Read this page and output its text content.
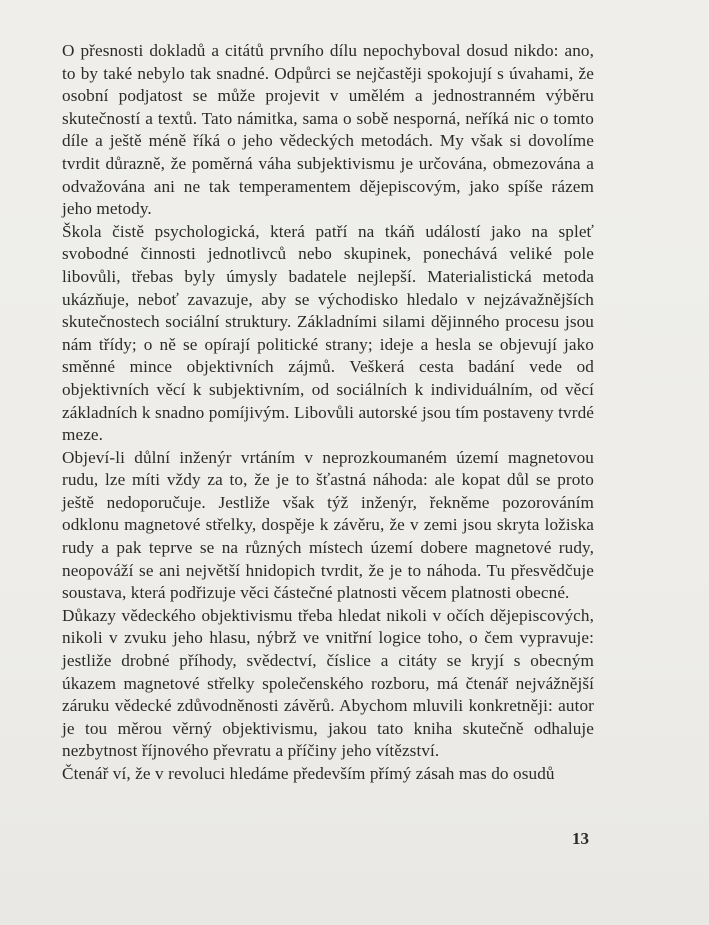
O přesnosti dokladů a citátů prvního dílu nepochyboval dosud nikdo: ano, to by také nebylo tak snadné. Odpůrci se nejčastěji spokojují s úvahami, že osobní podjatost se může projevit v umělém a jednostranném výběru skutečností a textů. Tato námitka, sama o sobě nesporná, neříká nic o tomto díle a ještě méně říká o jeho vědeckých metodách. My však si dovolíme tvrdit důrazně, že poměrná váha subjektivismu je určována, obmezována a odvažována ani ne tak temperamentem dějepiscovým, jako spíše rázem jeho metody.

Škola čistě psychologická, která patří na tkáň událostí jako na spleť svobodné činnosti jednotlivců nebo skupinek, ponechává veliké pole libovůli, třebas byly úmysly badatele nejlepší. Materialistická metoda ukázňuje, neboť zavazuje, aby se východisko hledalo v nejzávažnějších skutečnostech sociální struktury. Základními silami dějinného procesu jsou nám třídy; o ně se opírají politické strany; ideje a hesla se objevují jako směnné mince objektivních zájmů. Veškerá cesta badání vede od objektivních věcí k subjektivním, od sociálních k individuálním, od věcí základních k snadno pomíjivým. Libovůli autorské jsou tím postaveny tvrdé meze.

Objeví-li důlní inženýr vrtáním v neprozkoumaném území magnetovou rudu, lze míti vždy za to, že je to šťastná náhoda: ale kopat důl se proto ještě nedoporučuje. Jestliže však týž inženýr, řekněme pozorováním odklonu magnetové střelky, dospěje k závěru, že v zemi jsou skryta ložiska rudy a pak teprve se na různých místech území dobere magnetové rudy, neopováží se ani největší hnidopich tvrdit, že je to náhoda. Tu přesvědčuje soustava, která podřizuje věci částečné platnosti věcem platnosti obecné.

Důkazy vědeckého objektivismu třeba hledat nikoli v očích dějepiscových, nikoli v zvuku jeho hlasu, nýbrž ve vnitřní logice toho, o čem vypravuje: jestliže drobné příhody, svědectví, číslice a citáty se kryjí s obecným úkazem magnetové střelky společenského rozboru, má čtenář nejvážnější záruku vědecké zdůvodněnosti závěrů. Abychom mluvili konkretněji: autor je tou měrou věrný objektivismu, jakou tato kniha skutečně odhaluje nezbytnost říjnového převratu a příčiny jeho vítězství.

Čtenář ví, že v revoluci hledáme především přímý zásah mas do osudů

13
